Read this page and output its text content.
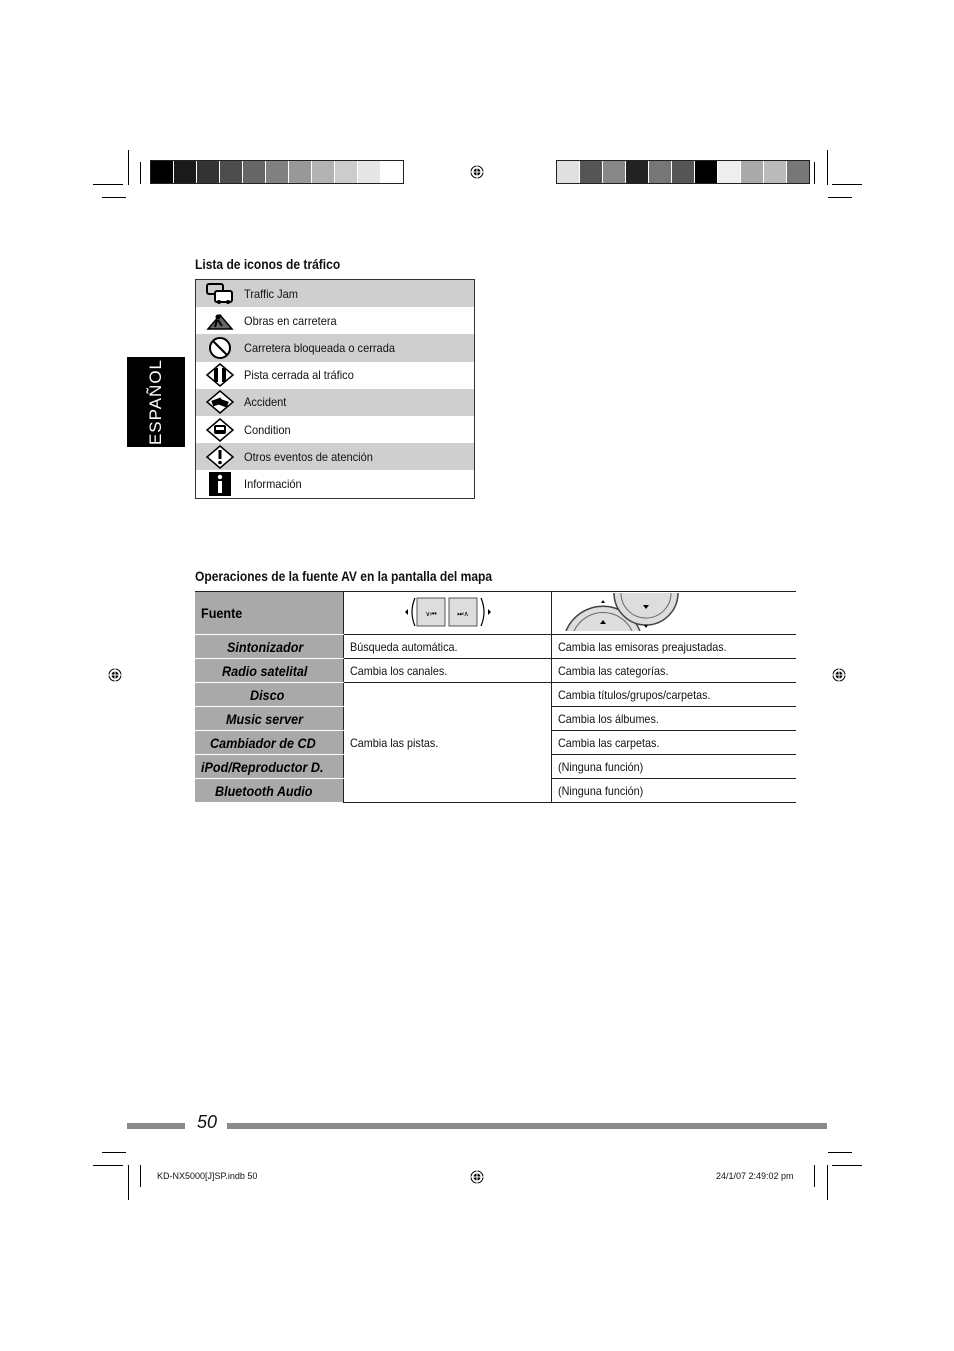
ESPAÑOL
Lista de iconos de tráfico
Traffic Jam
Obras en carretera
Carretera bloqueada o cerrada
Pista cerrada al tráfico
Accident
Condition
Otros eventos de atención
Información
Operaciones de la fuente AV en la pantalla del mapa
Fuente	∨⏮ ⏭∧

Sintonizador	Búsqueda automática.	Cambia las emisoras preajustadas.
Radio satelital	Cambia los canales.	Cambia las categorías.
Disco	Cambia las pistas.	Cambia títulos/grupos/carpetas.
Music server		Cambia los álbumes.
Cambiador de CD		Cambia las carpetas.
iPod/Reproductor D.		(Ninguna función)
Bluetooth Audio		(Ninguna función)
50
KD-NX5000[J]SP.indb 50	24/1/07 2:49:02 pm
